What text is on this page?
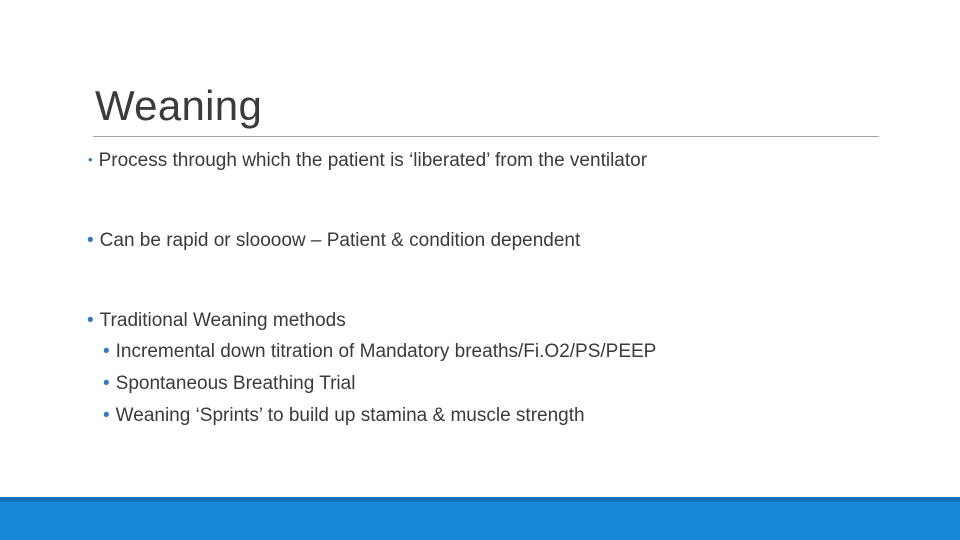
Weaning
• Process through which the patient is ‘liberated’ from the ventilator
• Can be rapid or sloooow – Patient & condition dependent
• Traditional Weaning methods
• Incremental down titration of Mandatory breaths/Fi.O2/PS/PEEP
• Spontaneous Breathing Trial
• Weaning ‘Sprints’ to build up stamina & muscle strength
